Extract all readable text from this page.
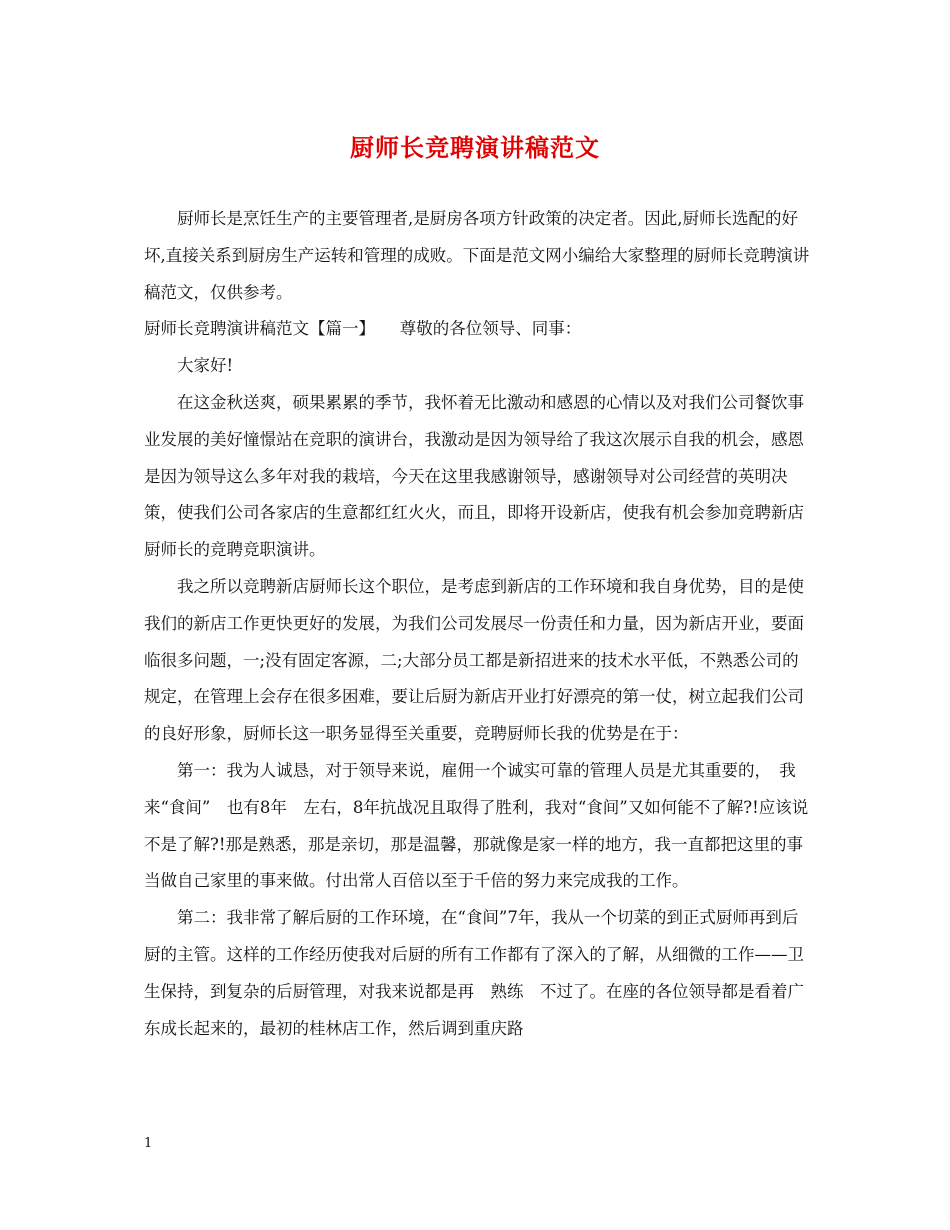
厨师长竞聘演讲稿范文

厨师长是烹饪生产的主要管理者,是厨房各项方针政策的决定者。因此,厨师长选配的好坏,直接关系到厨房生产运转和管理的成败。下面是范文网小编给大家整理的厨师长竞聘演讲稿范文，仅供参考。

厨师长竞聘演讲稿范文【篇一】　　尊敬的各位领导、同事：

大家好!

在这金秋送爽，硕果累累的季节，我怀着无比激动和感恩的心情以及对我们公司餐饮事业发展的美好憧憬站在竞职的演讲台，我激动是因为领导给了我这次展示自我的机会，感恩是因为领导这么多年对我的栽培，今天在这里我感谢领导，感谢领导对公司经营的英明决策，使我们公司各家店的生意都红红火火，而且，即将开设新店，使我有机会参加竞聘新店厨师长的竞聘竞职演讲。

我之所以竞聘新店厨师长这个职位，是考虑到新店的工作环境和我自身优势，目的是使我们的新店工作更快更好的发展，为我们公司发展尽一份责任和力量，因为新店开业，要面临很多问题，一;没有固定客源，二;大部分员工都是新招进来的技术水平低，不熟悉公司的规定，在管理上会存在很多困难，要让后厨为新店开业打好漂亮的第一仗，树立起我们公司的良好形象，厨师长这一职务显得至关重要，竞聘厨师长我的优势是在于：

第一：我为人诚恳，对于领导来说，雇佣一个诚实可靠的管理人员是尤其重要的，　我来“食间”　也有8年　左右，8年抗战况且取得了胜利，我对“食间”又如何能不了解?!应该说不是了解?!那是熟悉，那是亲切，那是温馨，那就像是家一样的地方，我一直都把这里的事当做自己家里的事来做。付出常人百倍以至于千倍的努力来完成我的工作。

第二：我非常了解后厨的工作环境，在“食间”7年，我从一个切菜的到正式厨师再到后厨的主管。这样的工作经历使我对后厨的所有工作都有了深入的了解，从细微的工作——卫生保持，到复杂的后厨管理，对我来说都是再　熟练　不过了。在座的各位领导都是看着广东成长起来的，最初的桂林店工作，然后调到重庆路

1
